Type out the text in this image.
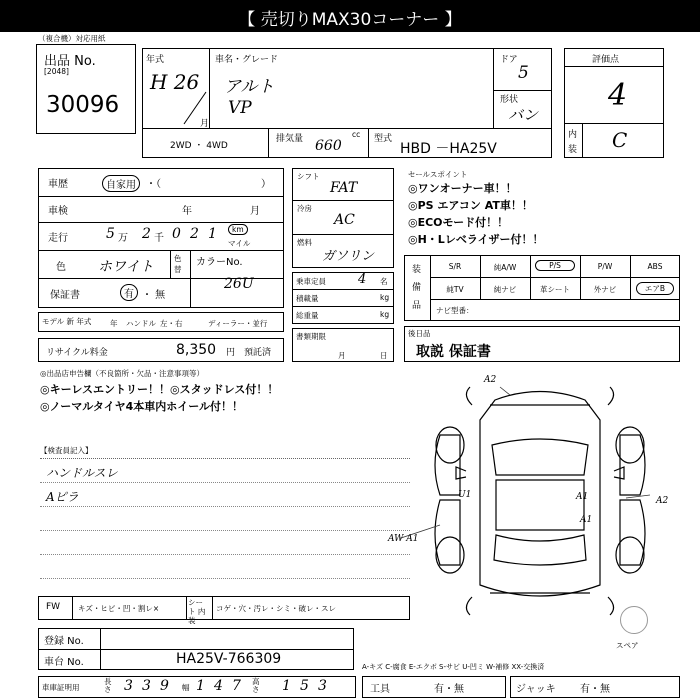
【 売切りMAX30コーナー 】
（複合機）対応用紙
出品 No.
[2048]
30096
年式
H 26
月
車名・グレード
アルト
VP
ドア
5
形状
バン
2WD ・ 4WD
排気量	cc
660	型式
HBD －HA25V
評価点
4
内
装 C
車歴	自家用	・（　　　　　　　　　　）
車検	年	月
走行	5 万 2 千 0 2 1	km
マイル
色 ホワイト
色替
カラーNo.
26U
保証書	有 ・ 無
モデル 新 年式 年 ハンドル 左・右	ディーラー・並行
リサイクル料金	8,350 円 預託済
シフト
FAT
冷房
AC
燃料
ガソリン
乗車定員 4 名
積載量	kg
総重量	kg
書類期限
月	日
セールスポイント
◎ワンオーナー車！！
◎PS エアコン AT車！！
◎ECOモード付！！
◎H・Lレベライザー付！！
装
備
品
S/R	純A/W	P/S	P/W	ABS
純TV	純ナビ	革シート	外ナビ	エアB
ナビ型番：
後日品
取説 保証書
◎出品店申告欄（不良箇所・欠品・注意事項等）
◎キーレスエントリー！！◎スタッドレス付！！
◎ノーマルタイヤ4本車内ホイール付！！
【検査員記入】
ハンドルスレ
Aピラ
A2
A1
A1
A2
U1
AW A1
スペア
FW キズ・ヒビ・凹・割レ×
シート 内装
コゲ・穴・汚レ・シミ・破レ・スレ
登録 No.
車台 No.	HA25V-766309	A-キズ C-腐食 E-エクボ S-サビ U-凹ミ W-補修 XX-交換済
車庫証明用
長さ 3 3 9 幅 1 4 7 高さ 1 5 3	工具	有・無	ジャッキ 有・無
